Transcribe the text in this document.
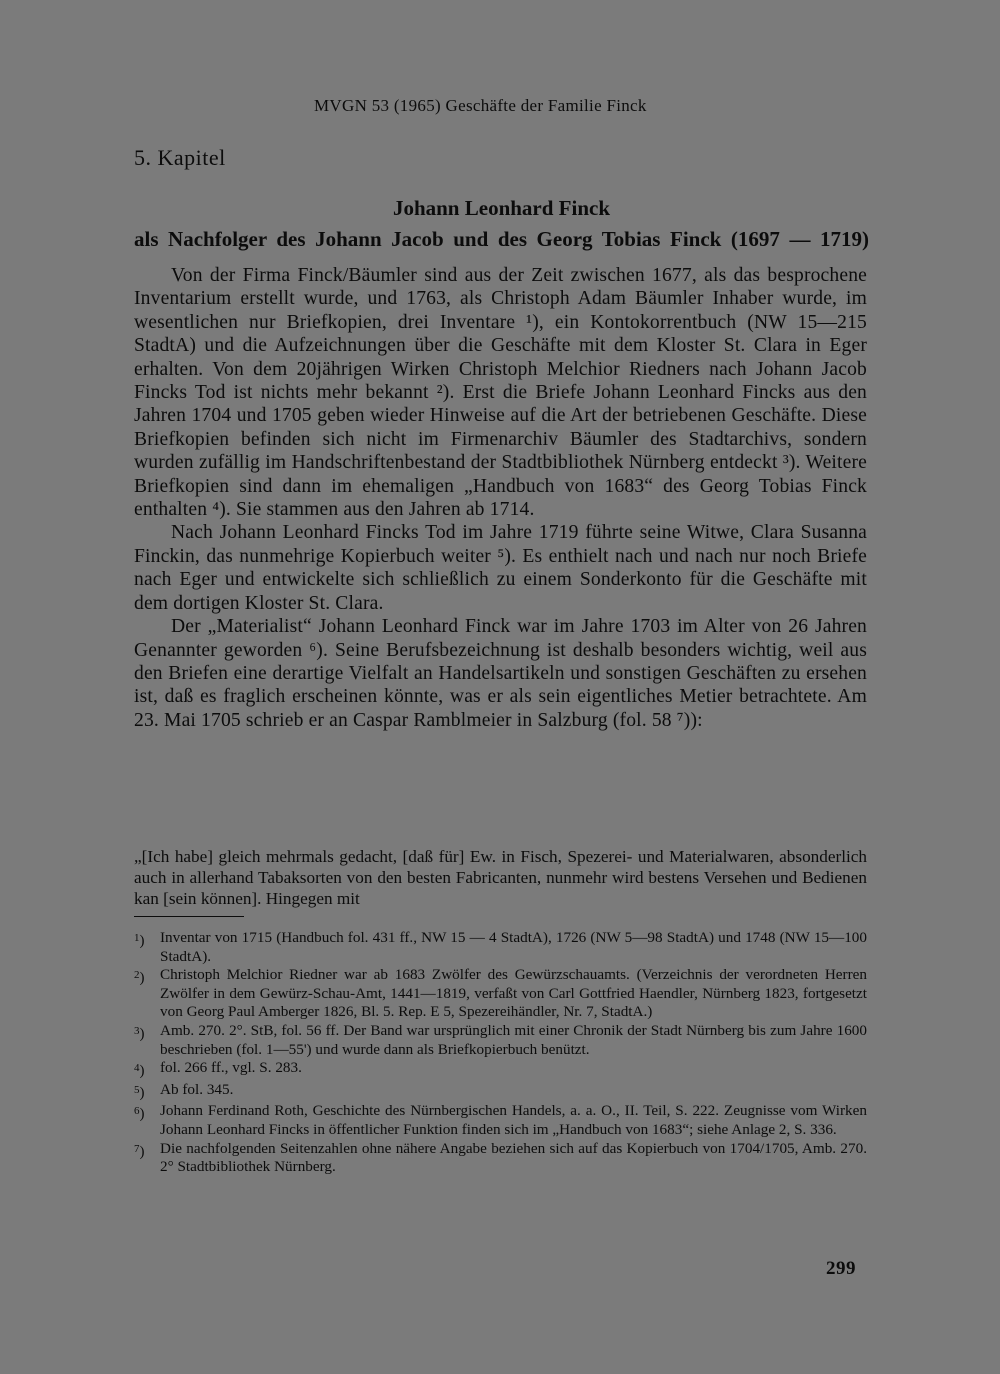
MVGN 53 (1965) Geschäfte der Familie Finck
5. Kapitel
Johann Leonhard Finck
als Nachfolger des Johann Jacob und des Georg Tobias Finck (1697 — 1719)

Von der Firma Finck/Bäumler sind aus der Zeit zwischen 1677, als das besprochene Inventarium erstellt wurde, und 1763, als Christoph Adam Bäumler Inhaber wurde, im wesentlichen nur Briefkopien, drei Inventare ¹), ein Kontokorrentbuch (NW 15—215 StadtA) und die Aufzeichnungen über die Geschäfte mit dem Kloster St. Clara in Eger erhalten. Von dem 20jährigen Wirken Christoph Melchior Riedners nach Johann Jacob Fincks Tod ist nichts mehr bekannt ²). Erst die Briefe Johann Leonhard Fincks aus den Jahren 1704 und 1705 geben wieder Hinweise auf die Art der betriebenen Geschäfte. Diese Briefkopien befinden sich nicht im Firmenarchiv Bäumler des Stadtarchivs, sondern wurden zufällig im Handschriftenbestand der Stadtbibliothek Nürnberg entdeckt ³). Weitere Briefkopien sind dann im ehemaligen „Handbuch von 1683“ des Georg Tobias Finck enthalten ⁴). Sie stammen aus den Jahren ab 1714.

Nach Johann Leonhard Fincks Tod im Jahre 1719 führte seine Witwe, Clara Susanna Finckin, das nunmehrige Kopierbuch weiter ⁵). Es enthielt nach und nach nur noch Briefe nach Eger und entwickelte sich schließlich zu einem Sonderkonto für die Geschäfte mit dem dortigen Kloster St. Clara.

Der „Materialist“ Johann Leonhard Finck war im Jahre 1703 im Alter von 26 Jahren Genannter geworden ⁶). Seine Berufsbezeichnung ist deshalb besonders wichtig, weil aus den Briefen eine derartige Vielfalt an Handelsartikeln und sonstigen Geschäften zu ersehen ist, daß es fraglich erscheinen könnte, was er als sein eigentliches Metier betrachtete. Am 23. Mai 1705 schrieb er an Caspar Ramblmeier in Salzburg (fol. 58 ⁷)):

„[Ich habe] gleich mehrmals gedacht, [daß für] Ew. in Fisch, Spezerei- und Materialwaren, absonderlich auch in allerhand Tabaksorten von den besten Fabricanten, nunmehr wird bestens Versehen und Bedienen kan [sein können]. Hingegen mit

$^1$)	Inventar von 1715 (Handbuch fol. 431 ff., NW 15 — 4 StadtA), 1726 (NW 5—98 StadtA) und 1748 (NW 15—100 StadtA).
$^2$)	Christoph Melchior Riedner war ab 1683 Zwölfer des Gewürzschauamts. (Verzeichnis der verordneten Herren Zwölfer in dem Gewürz-Schau-Amt, 1441—1819, verfaßt von Carl Gottfried Haendler, Nürnberg 1823, fortgesetzt von Georg Paul Amberger 1826, Bl. 5. Rep. E 5, Spezereihändler, Nr. 7, StadtA.)
$^3$)	Amb. 270. 2°. StB, fol. 56 ff. Der Band war ursprünglich mit einer Chronik der Stadt Nürnberg bis zum Jahre 1600 beschrieben (fol. 1—55') und wurde dann als Briefkopierbuch benützt.
$^4$)	fol. 266 ff., vgl. S. 283.
$^5$)	Ab fol. 345.
$^6$)	Johann Ferdinand Roth, Geschichte des Nürnbergischen Handels, a. a. O., II. Teil, S. 222. Zeugnisse vom Wirken Johann Leonhard Fincks in öffentlicher Funktion finden sich im „Handbuch von 1683“; siehe Anlage 2, S. 336.
$^7$)	Die nachfolgenden Seitenzahlen ohne nähere Angabe beziehen sich auf das Kopierbuch von 1704/1705, Amb. 270. 2° Stadtbibliothek Nürnberg.
299
